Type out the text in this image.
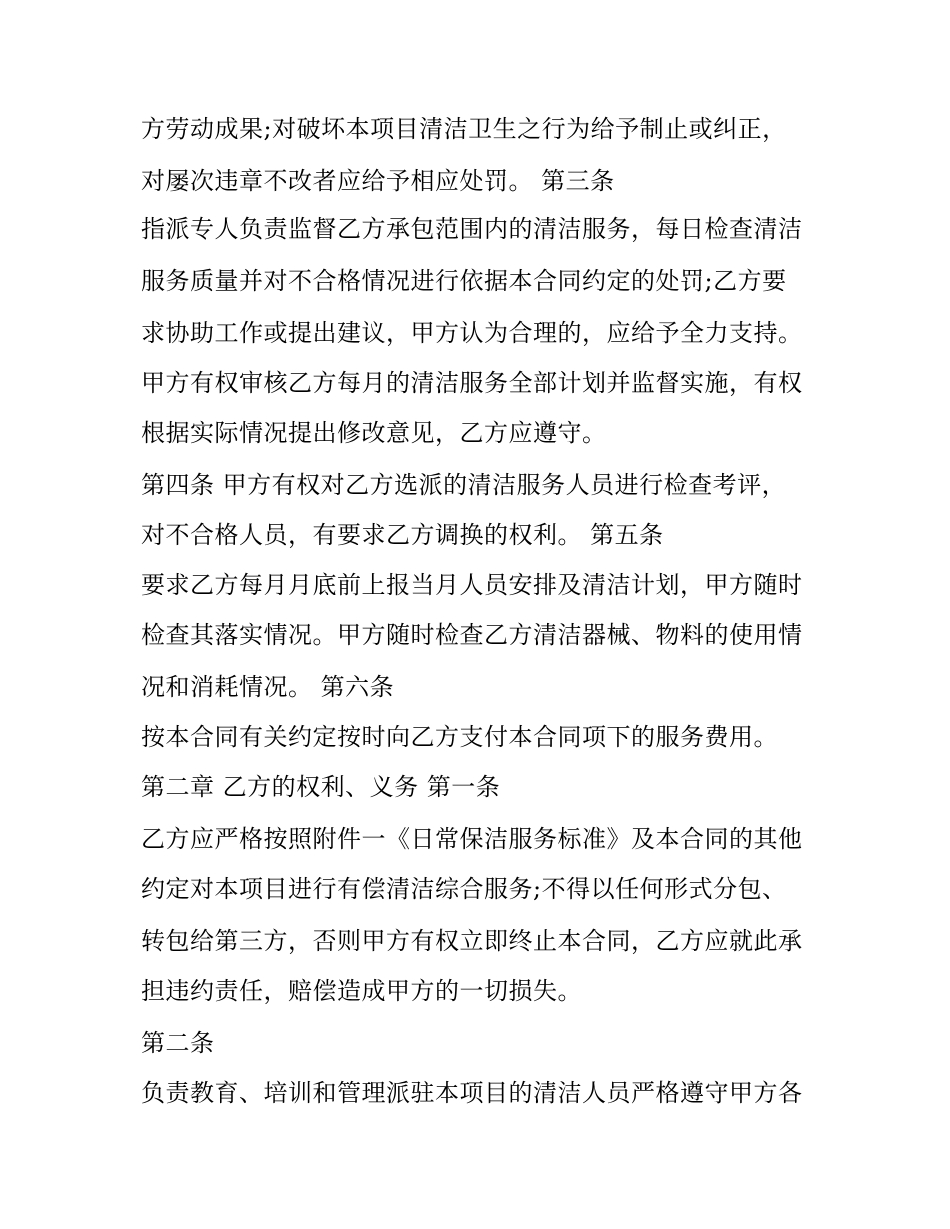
方劳动成果;对破坏本项目清洁卫生之行为给予制止或纠正，
对屡次违章不改者应给予相应处罚。 第三条
指派专人负责监督乙方承包范围内的清洁服务，每日检查清洁
服务质量并对不合格情况进行依据本合同约定的处罚;乙方要
求协助工作或提出建议，甲方认为合理的，应给予全力支持。
甲方有权审核乙方每月的清洁服务全部计划并监督实施，有权
根据实际情况提出修改意见，乙方应遵守。
第四条 甲方有权对乙方选派的清洁服务人员进行检查考评，
对不合格人员，有要求乙方调换的权利。 第五条
要求乙方每月月底前上报当月人员安排及清洁计划，甲方随时
检查其落实情况。甲方随时检查乙方清洁器械、物料的使用情
况和消耗情况。 第六条
按本合同有关约定按时向乙方支付本合同项下的服务费用。
第二章 乙方的权利、义务 第一条
乙方应严格按照附件一《日常保洁服务标准》及本合同的其他
约定对本项目进行有偿清洁综合服务;不得以任何形式分包、
转包给第三方，否则甲方有权立即终止本合同，乙方应就此承
担违约责任，赔偿造成甲方的一切损失。
第二条
负责教育、培训和管理派驻本项目的清洁人员严格遵守甲方各
